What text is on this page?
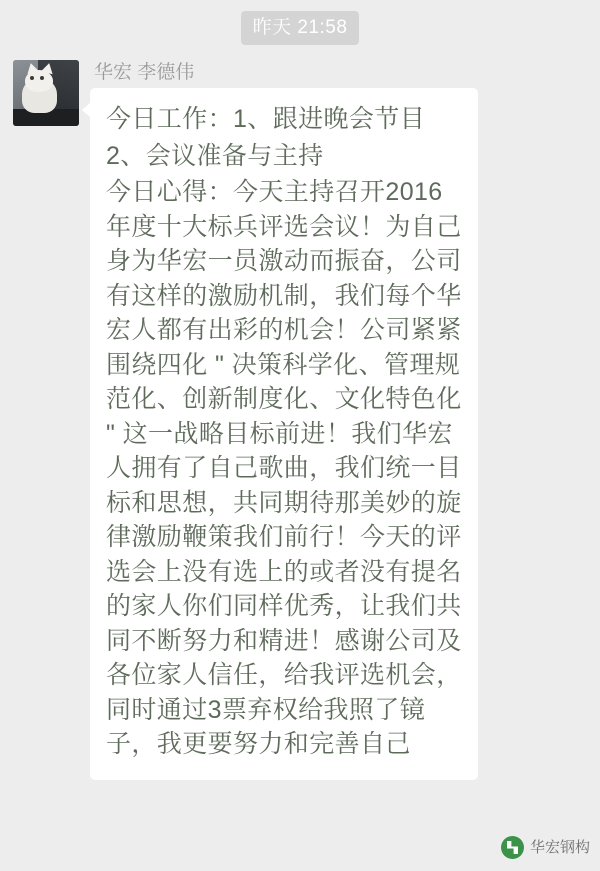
昨天 21:58
华宏 李德伟

今日工作：1、跟进晚会节目

2、会议准备与主持

今日心得：今天主持召开2016年度十大标兵评选会议！为自己身为华宏一员激动而振奋，公司有这样的激励机制，我们每个华宏人都有出彩的机会！公司紧紧围绕四化 " 决策科学化、管理规范化、创新制度化、文化特色化 " 这一战略目标前进！我们华宏人拥有了自己歌曲，我们统一目标和思想，共同期待那美妙的旋律激励鞭策我们前行！今天的评选会上没有选上的或者没有提名的家人你们同样优秀，让我们共同不断努力和精进！感谢公司及各位家人信任，给我评选机会，同时通过3票弃权给我照了镜子，我更要努力和完善自己

华宏钢构
